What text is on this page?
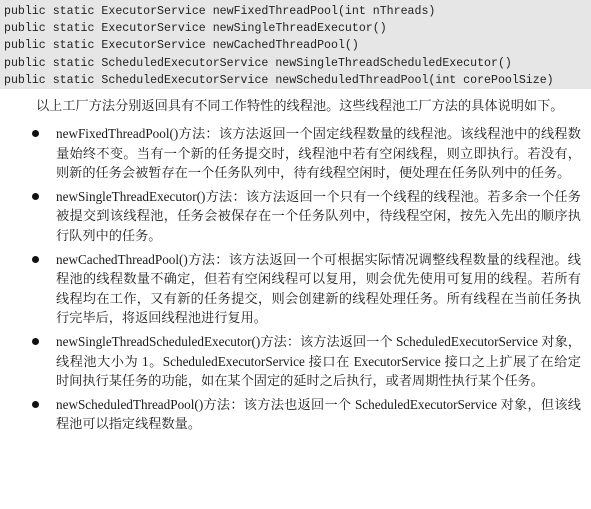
public static ExecutorService newFixedThreadPool(int nThreads)
public static ExecutorService newSingleThreadExecutor()
public static ExecutorService newCachedThreadPool()
public static ScheduledExecutorService newSingleThreadScheduledExecutor()
public static ScheduledExecutorService newScheduledThreadPool(int corePoolSize)
以上工厂方法分别返回具有不同工作特性的线程池。这些线程池工厂方法的具体说明如下。
newFixedThreadPool()方法：该方法返回一个固定线程数量的线程池。该线程池中的线程数量始终不变。当有一个新的任务提交时，线程池中若有空闲线程，则立即执行。若没有，则新的任务会被暂存在一个任务队列中，待有线程空闲时，便处理在任务队列中的任务。
newSingleThreadExecutor()方法：该方法返回一个只有一个线程的线程池。若多余一个任务被提交到该线程池，任务会被保存在一个任务队列中，待线程空闲，按先入先出的顺序执行队列中的任务。
newCachedThreadPool()方法：该方法返回一个可根据实际情况调整线程数量的线程池。线程池的线程数量不确定，但若有空闲线程可以复用，则会优先使用可复用的线程。若所有线程均在工作，又有新的任务提交，则会创建新的线程处理任务。所有线程在当前任务执行完毕后，将返回线程池进行复用。
newSingleThreadScheduledExecutor()方法：该方法返回一个 ScheduledExecutorService 对象，线程池大小为 1。ScheduledExecutorService 接口在 ExecutorService 接口之上扩展了在给定时间执行某任务的功能，如在某个固定的延时之后执行，或者周期性执行某个任务。
newScheduledThreadPool()方法：该方法也返回一个 ScheduledExecutorService 对象，但该线程池可以指定线程数量。
